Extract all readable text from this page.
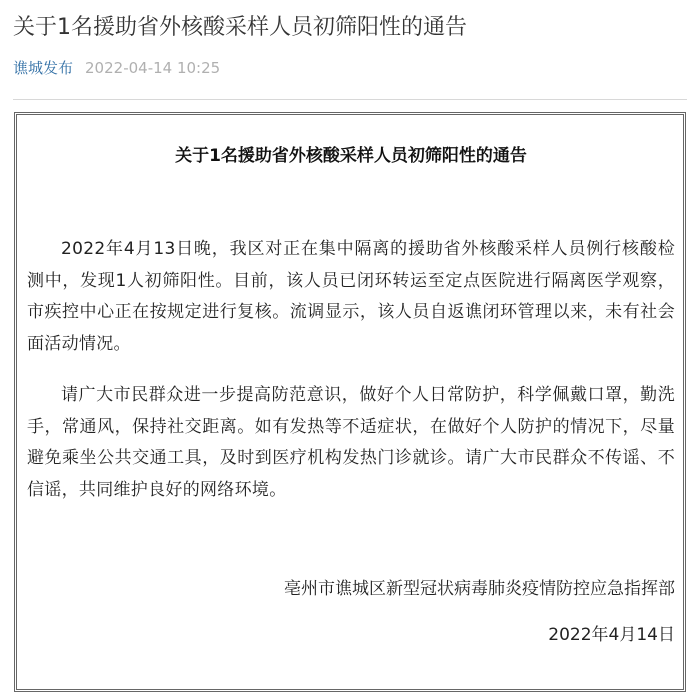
关于1名援助省外核酸采样人员初筛阳性的通告
谯城发布 2022-04-14 10:25
关于1名援助省外核酸采样人员初筛阳性的通告

2022年4月13日晚，我区对正在集中隔离的援助省外核酸采样人员例行核酸检测中，发现1人初筛阳性。目前，该人员已闭环转运至定点医院进行隔离医学观察，市疾控中心正在按规定进行复核。流调显示，该人员自返谯闭环管理以来，未有社会面活动情况。

请广大市民群众进一步提高防范意识，做好个人日常防护，科学佩戴口罩，勤洗手，常通风，保持社交距离。如有发热等不适症状，在做好个人防护的情况下，尽量避免乘坐公共交通工具，及时到医疗机构发热门诊就诊。请广大市民群众不传谣、不信谣，共同维护良好的网络环境。

亳州市谯城区新型冠状病毒肺炎疫情防控应急指挥部

2022年4月14日
